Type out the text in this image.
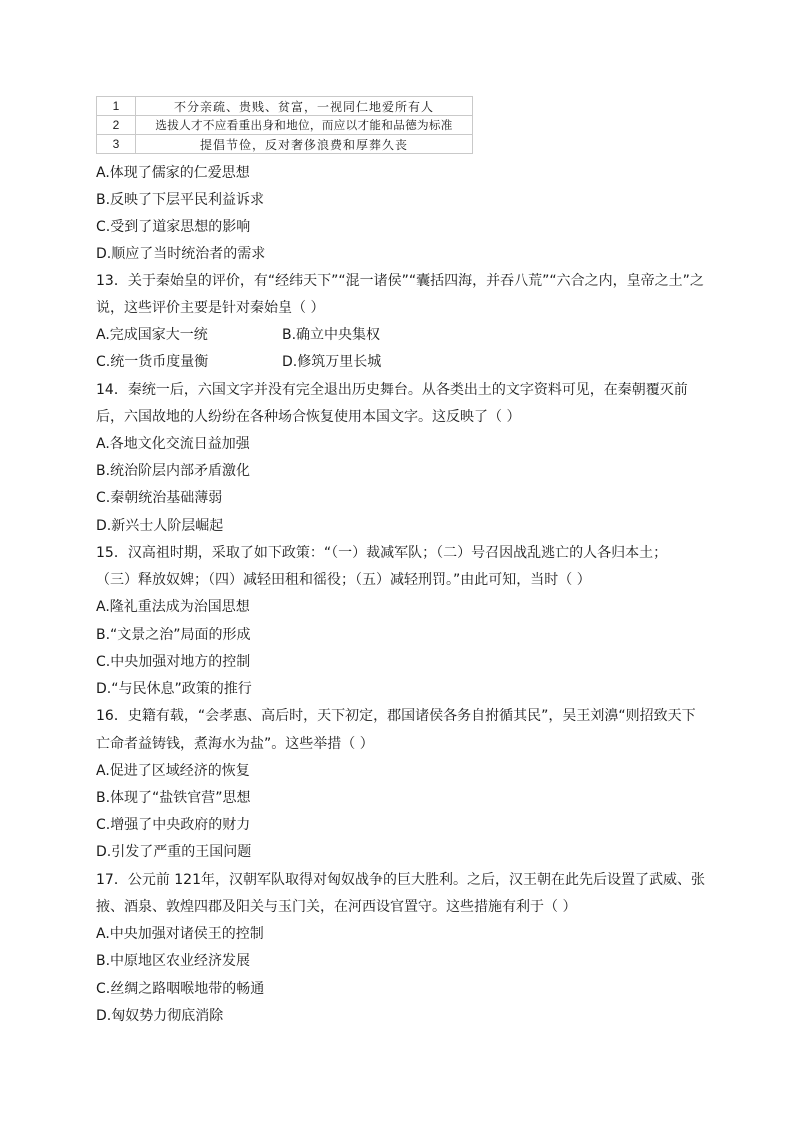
1	不分亲疏、贵贱、贫富，一视同仁地爱所有人
2	选拔人才不应看重出身和地位，而应以才能和品德为标准
3	提倡节俭，反对奢侈浪费和厚葬久丧
A.体现了儒家的仁爱思想
B.反映了下层平民利益诉求
C.受到了道家思想的影响
D.顺应了当时统治者的需求
13．关于秦始皇的评价，有“经纬天下”“混一诸侯”“囊括四海，并吞八荒”“六合之内，皇帝之土”之
说，这些评价主要是针对秦始皇（ ）
A.完成国家大一统	B.确立中央集权
C.统一货币度量衡	D.修筑万里长城
14．秦统一后，六国文字并没有完全退出历史舞台。从各类出土的文字资料可见，在秦朝覆灭前
后，六国故地的人纷纷在各种场合恢复使用本国文字。这反映了（ ）
A.各地文化交流日益加强
B.统治阶层内部矛盾激化
C.秦朝统治基础薄弱
D.新兴士人阶层崛起
15．汉高祖时期，采取了如下政策：“（一）裁减军队；（二）号召因战乱逃亡的人各归本土；
（三）释放奴婢；（四）减轻田租和徭役；（五）减轻刑罚。”由此可知，当时（ ）
A.隆礼重法成为治国思想
B.“文景之治”局面的形成
C.中央加强对地方的控制
D.“与民休息”政策的推行
16．史籍有载，“会孝惠、高后时，天下初定，郡国诸侯各务自拊循其民”，吴王刘濞“则招致天下
亡命者益铸钱，煮海水为盐”。这些举措（ ）
A.促进了区域经济的恢复
B.体现了“盐铁官营”思想
C.增强了中央政府的财力
D.引发了严重的王国问题
17．公元前 121年，汉朝军队取得对匈奴战争的巨大胜利。之后，汉王朝在此先后设置了武威、张
掖、酒泉、敦煌四郡及阳关与玉门关，在河西设官置守。这些措施有利于（ ）
A.中央加强对诸侯王的控制
B.中原地区农业经济发展
C.丝绸之路咽喉地带的畅通
D.匈奴势力彻底消除
